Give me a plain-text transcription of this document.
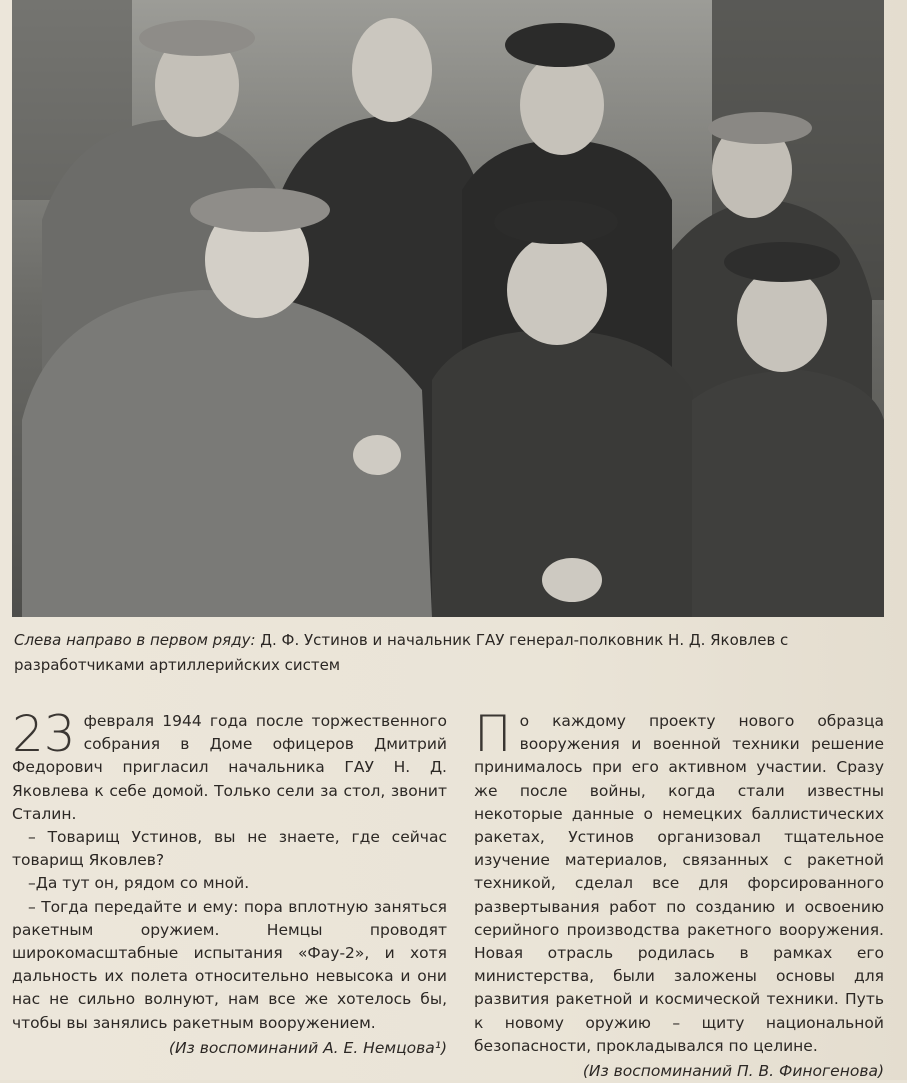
Слева направо в первом ряду: Д. Ф. Устинов и начальник ГАУ генерал-полковник Н. Д. Яковлев с разработчиками артиллерийских систем
23 февраля 1944 года после торжественного собрания в Доме офицеров Дмитрий Федорович пригласил начальника ГАУ Н. Д. Яковлева к себе домой. Только сели за стол, звонит Сталин.

– Товарищ Устинов, вы не знаете, где сейчас товарищ Яковлев?

–Да тут он, рядом со мной.

– Тогда передайте и ему: пора вплотную заняться ракетным оружием. Немцы проводят широкомасштабные испытания «Фау-2», и хотя дальность их полета относительно невысока и они нас не сильно волнуют, нам все же хотелось бы, чтобы вы занялись ракетным вооружением.

(Из воспоминаний А. Е. Немцова¹)

П о каждому проекту нового образца вооружения и военной техники решение принималось при его активном участии. Сразу же после войны, когда стали известны некоторые данные о немецких баллистических ракетах, Устинов организовал тщательное изучение материалов, связанных с ракетной техникой, сделал все для форсированного развертывания работ по созданию и освоению серийного производства ракетного вооружения. Новая отрасль родилась в рамках его министерства, были заложены основы для развития ракетной и космической техники. Путь к новому оружию – щиту национальной безопасности, прокладывался по целине.

(Из воспоминаний П. В. Финогенова)
